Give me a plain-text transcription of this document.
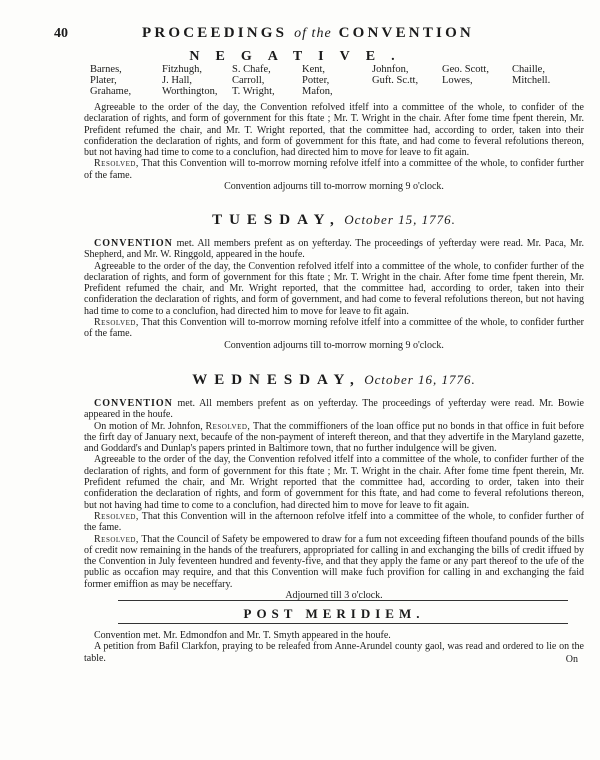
40	PROCEEDINGS of the CONVENTION
NEGATIVE.
Barnes,
Plater,
Grahame,
Fitzhugh,
J. Hall,
Worthington,
S. Chafe,
Carroll,
T. Wright,
Kent,
Potter,
Mafon,
Johnfon,
Guft. Sc.tt,
Geo. Scott,
Lowes,
Chaille,
Mitchell.

Agreeable to the order of the day, the Convention refolved itfelf into a committee of the whole, to confider of the declaration of rights, and form of government for this ftate ; Mr. T. Wright in the chair. After fome time fpent therein, Mr. Prefident refumed the chair, and Mr. T. Wright reported, that the committee had, according to order, taken into their confideration the declaration of rights, and form of government for this ftate, and had come to feveral refolutions thereon, but not having had time to come to a conclufion, had directed him to move for leave to fit again.

Resolved, That this Convention will to-morrow morning refolve itfelf into a committee of the whole, to confider further of the fame.

Convention adjourns till to-morrow morning 9 o'clock.

TUESDAY, October 15, 1776.

CONVENTION met. All members prefent as on yefterday. The proceedings of yefterday were read. Mr. Paca, Mr. Shepherd, and Mr. W. Ringgold, appeared in the houfe.

Agreeable to the order of the day, the Convention refolved itfelf into a committee of the whole, to confider further of the declaration of rights, and form of government for this ftate ; Mr. T. Wright in the chair. After fome time fpent therein, Mr. Prefident refumed the chair, and Mr. Wright reported, that the committee had, according to order, taken into their confideration the declaration of rights, and form of government, and had come to feveral refolutions thereon, but not having had time to come to a conclufion, had directed him to move for leave to fit again.

Resolved, That this Convention will to-morrow morning refolve itfelf into a committee of the whole, to confider further of the fame.

Convention adjourns till to-morrow morning 9 o'clock.

WEDNESDAY, October 16, 1776.

CONVENTION met. All members prefent as on yefterday. The proceedings of yefterday were read. Mr. Bowie appeared in the houfe.

On motion of Mr. Johnfon, Resolved, That the commiffioners of the loan office put no bonds in that office in fuit before the firft day of January next, becaufe of the non-payment of intereft thereon, and that they advertife in the Maryland gazette, and Goddard's and Dunlap's papers printed in Baltimore town, that no further indulgence will be given.

Agreeable to the order of the day, the Convention refolved itfelf into a committee of the whole, to confider further of the declaration of rights, and form of government for this ftate ; Mr. T. Wright in the chair. After fome time fpent therein, Mr. Prefident refumed the chair, and Mr. Wright reported that the committee had, according to order, taken into their confideration the declaration of rights, and form of government for this ftate, and had come to feveral refolutions thereon, but not having had time to come to a conclufion, had directed him to move for leave to fit again.

Resolved, That this Convention will in the afternoon refolve itfelf into a committee of the whole, to confider further of the fame.

Resolved, That the Council of Safety be empowered to draw for a fum not exceeding fifteen thoufand pounds of the bills of credit now remaining in the hands of the treafurers, appropriated for calling in and exchanging the bills of credit iffued by the Convention in July feventeen hundred and feventy-five, and that they apply the fame or any part thereof to the ufe of the public as occafion may require, and that this Convention will make fuch provifion for calling in and exchanging the faid former emiffion as may be neceffary.

Adjourned till 3 o'clock.

POST MERIDIEM.

Convention met. Mr. Edmondfon and Mr. T. Smyth appeared in the houfe.

A petition from Bafil Clarkfon, praying to be releafed from Anne-Arundel county gaol, was read and ordered to lie on the table.	On
